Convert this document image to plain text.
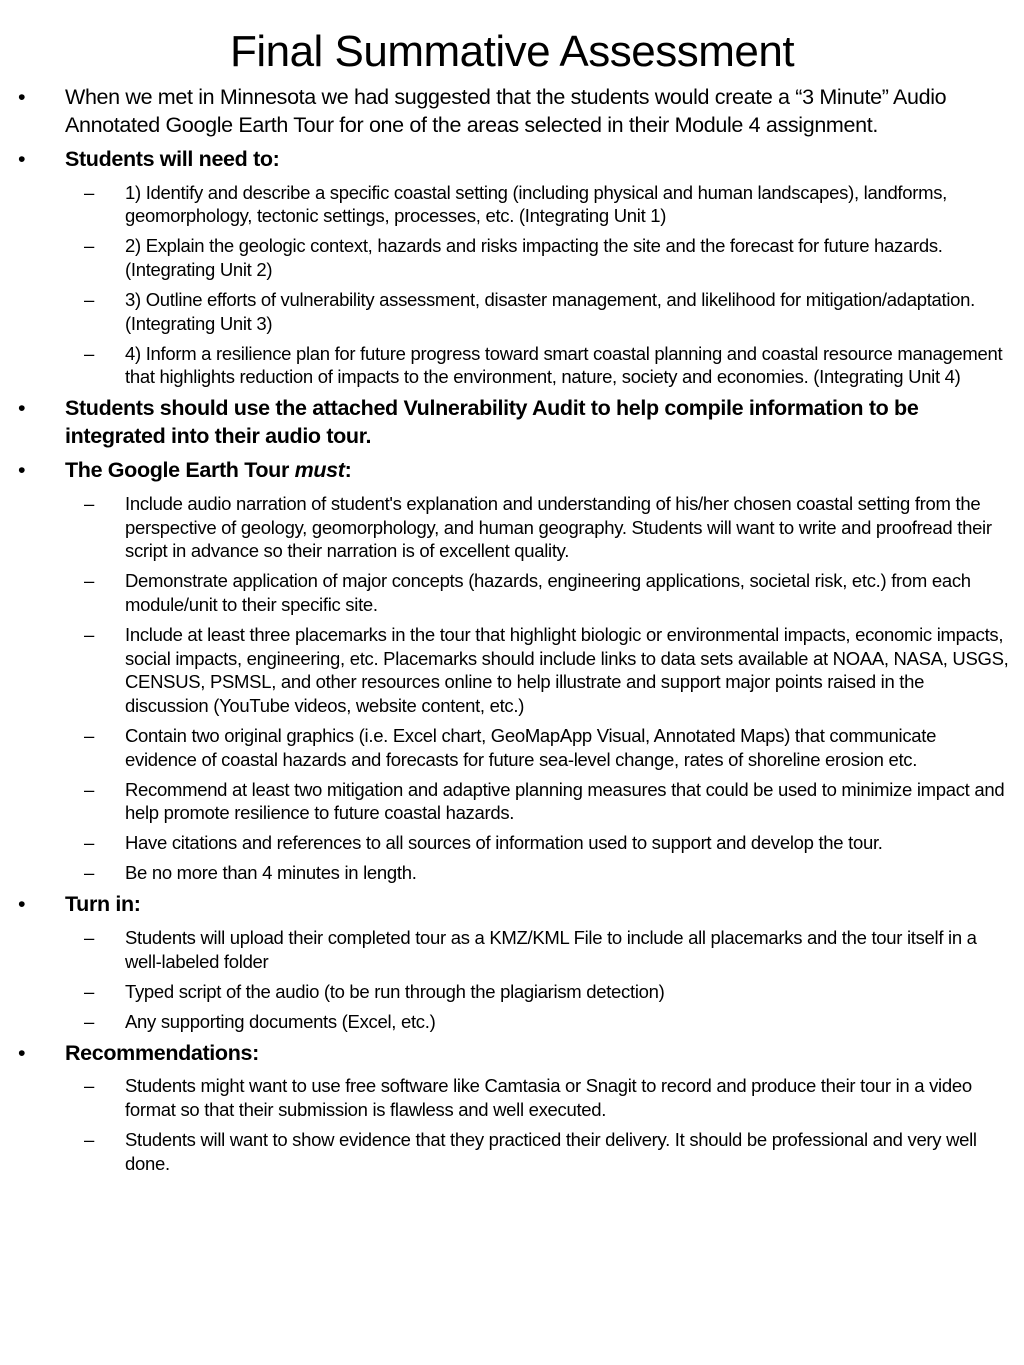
Final Summative Assessment
•	When we met in Minnesota we had suggested that the students would create a “3 Minute” Audio Annotated Google Earth Tour for one of the areas selected in their Module 4 assignment.
•	Students will need to:
–	1) Identify and describe a specific coastal setting (including physical and human landscapes), landforms, geomorphology, tectonic settings, processes, etc. (Integrating Unit 1)
–	2) Explain the geologic context, hazards and risks impacting the site and the forecast for future hazards. (Integrating Unit 2)
–	3) Outline efforts of vulnerability assessment, disaster management, and likelihood for mitigation/adaptation. (Integrating Unit 3)
–	4) Inform a resilience plan for future progress toward smart coastal planning and coastal resource management that highlights reduction of impacts to the environment, nature, society and economies. (Integrating Unit 4)
•	Students should use the attached Vulnerability Audit to help compile information to be integrated into their audio tour.
•	The Google Earth Tour must:
–	Include audio narration of student's explanation and understanding of his/her chosen coastal setting from the perspective of geology, geomorphology, and human geography. Students will want to write and proofread their script in advance so their narration is of excellent quality.
–	Demonstrate application of major concepts (hazards, engineering applications, societal risk, etc.) from each module/unit to their specific site.
–	Include at least three placemarks in the tour that highlight biologic or environmental impacts, economic impacts, social impacts, engineering, etc. Placemarks should include links to data sets available at NOAA, NASA, USGS, CENSUS, PSMSL, and other resources online to help illustrate and support major points raised in the discussion (YouTube videos, website content, etc.)
–	Contain two original graphics (i.e. Excel chart, GeoMapApp Visual, Annotated Maps) that communicate evidence of coastal hazards and forecasts for future sea-level change, rates of shoreline erosion etc.
–	Recommend at least two mitigation and adaptive planning measures that could be used to minimize impact and help promote resilience to future coastal hazards.
–	Have citations and references to all sources of information used to support and develop the tour.
–	Be no more than 4 minutes in length.
•	Turn in:
–	Students will upload their completed tour as a KMZ/KML File to include all placemarks and the tour itself in a well-labeled folder
–	Typed script of the audio (to be run through the plagiarism detection)
–	Any supporting documents (Excel, etc.)
•	Recommendations:
–	Students might want to use free software like Camtasia or Snagit to record and produce their tour in a video format so that their submission is flawless and well executed.
–	Students will want to show evidence that they practiced their delivery. It should be professional and very well done.
